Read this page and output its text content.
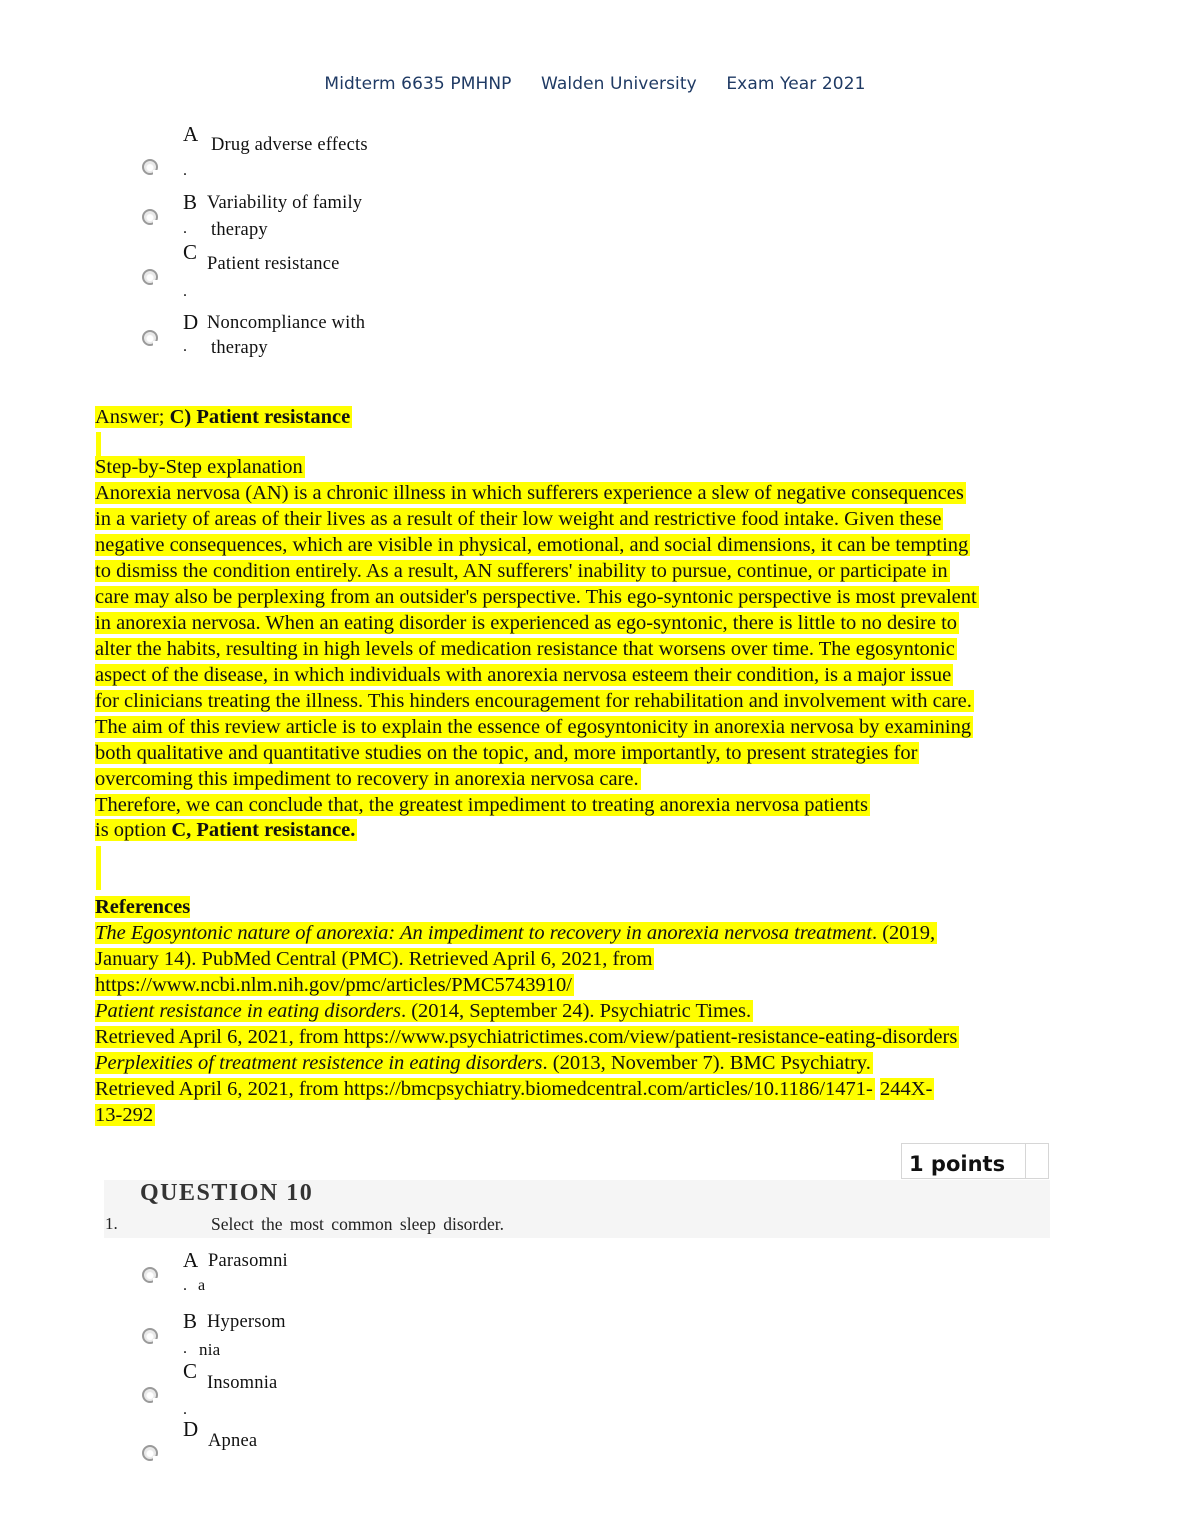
Midterm 6635 PMHNP Walden University Exam Year 2021
A Drug adverse effects
.
B Variability of family
. therapy
C Patient resistance
.
D Noncompliance with
. therapy
Answer; C) Patient resistance
Step-by-Step explanation
Anorexia nervosa (AN) is a chronic illness in which sufferers experience a slew of negative consequences
in a variety of areas of their lives as a result of their low weight and restrictive food intake. Given these
negative consequences, which are visible in physical, emotional, and social dimensions, it can be tempting
to dismiss the condition entirely. As a result, AN sufferers' inability to pursue, continue, or participate in
care may also be perplexing from an outsider's perspective. This ego-syntonic perspective is most prevalent
in anorexia nervosa. When an eating disorder is experienced as ego-syntonic, there is little to no desire to
alter the habits, resulting in high levels of medication resistance that worsens over time. The egosyntonic
aspect of the disease, in which individuals with anorexia nervosa esteem their condition, is a major issue
for clinicians treating the illness. This hinders encouragement for rehabilitation and involvement with care.
The aim of this review article is to explain the essence of egosyntonicity in anorexia nervosa by examining
both qualitative and quantitative studies on the topic, and, more importantly, to present strategies for
overcoming this impediment to recovery in anorexia nervosa care.
Therefore, we can conclude that, the greatest impediment to treating anorexia nervosa patients
is option C, Patient resistance.
References
The Egosyntonic nature of anorexia: An impediment to recovery in anorexia nervosa treatment. (2019,
January 14). PubMed Central (PMC). Retrieved April 6, 2021, from
https://www.ncbi.nlm.nih.gov/pmc/articles/PMC5743910/
Patient resistance in eating disorders. (2014, September 24). Psychiatric Times.
Retrieved April 6, 2021, from https://www.psychiatrictimes.com/view/patient-resistance-eating-disorders
Perplexities of treatment resistence in eating disorders. (2013, November 7). BMC Psychiatry.
Retrieved April 6, 2021, from https://bmcpsychiatry.biomedcentral.com/articles/10.1186/1471- 244X-
13-292
1 points
QUESTION 10
1.	Select the most common sleep disorder.
A Parasomni
. a
B Hypersom
. nia
C Insomnia
.
D Apnea
